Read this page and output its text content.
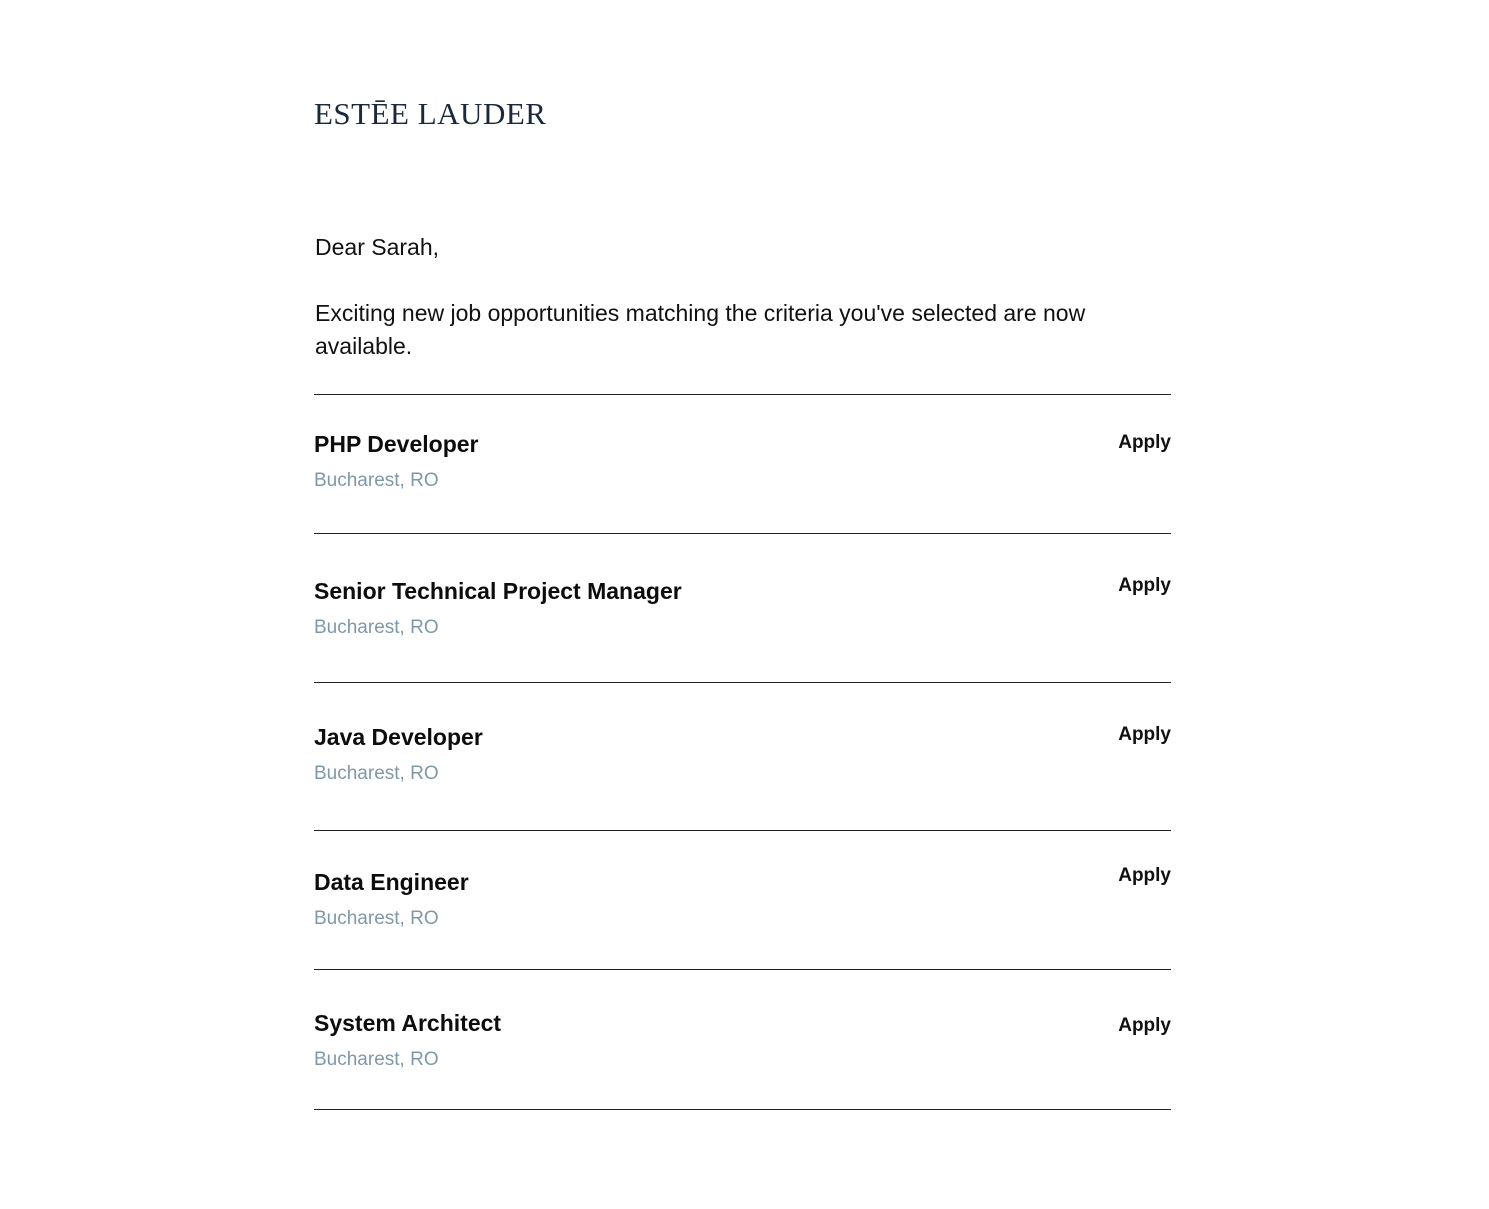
ESTĒE LAUDER
Dear Sarah,
Exciting new job opportunities matching the criteria you've selected are now available.
PHP Developer
Bucharest, RO
Apply
Senior Technical Project Manager
Bucharest, RO
Apply
Java Developer
Bucharest, RO
Apply
Data Engineer
Bucharest, RO
Apply
System Architect
Bucharest, RO
Apply
